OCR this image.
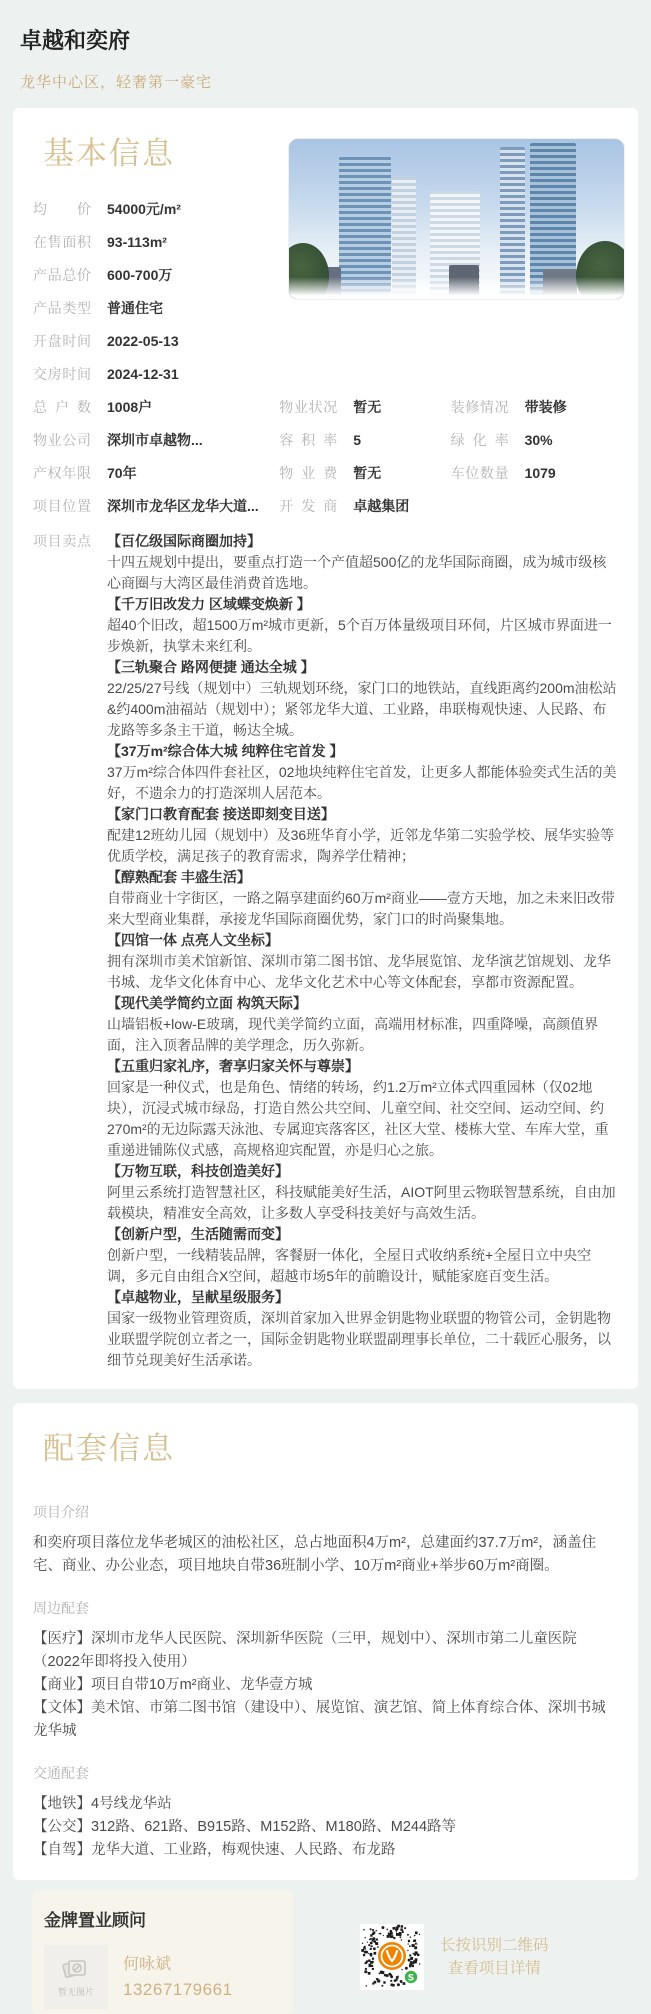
卓越和奕府
龙华中心区，轻奢第一豪宅
基本信息
均价 54000元/m²
在售面积 93-113m²
产品总价 600-700万
产品类型 普通住宅
开盘时间 2022-05-13
交房时间 2024-12-31
总户数 1008户
物业公司 深圳市卓越物...
产权年限 70年
项目位置 深圳市龙华区龙华大道...
物业状况 暂无
容积率 5
物业费 暂无
开发商 卓越集团
装修情况 带装修
绿化率 30%
车位数量 1079
项目卖点 【百亿级国际商圈加持】
十四五规划中提出，要重点打造一个产值超500亿的龙华国际商圈，成为城市级核心商圈与大湾区最佳消费首选地。
【千万旧改发力 区域蝶变焕新 】
超40个旧改，超1500万m²城市更新，5个百万体量级项目环伺，片区城市界面进一步焕新，执掌未来红利。
【三轨聚合 路网便捷 通达全城 】
22/25/27号线（规划中）三轨规划环绕，家门口的地铁站，直线距离约200m油松站&约400m油福站（规划中）；紧邻龙华大道、工业路，串联梅观快速、人民路、布龙路等多条主干道，畅达全城。
【37万m²综合体大城 纯粹住宅首发 】
37万m²综合体四件套社区，02地块纯粹住宅首发，让更多人都能体验奕式生活的美好，不遗余力的打造深圳人居范本。
【家门口教育配套 接送即刻变目送】
配建12班幼儿园（规划中）及36班华育小学，近邻龙华第二实验学校、展华实验等优质学校，满足孩子的教育需求，陶养学仕精神；
【醇熟配套 丰盛生活】
自带商业十字街区，一路之隔享建面约60万m²商业——壹方天地，加之未来旧改带来大型商业集群，承接龙华国际商圈优势，家门口的时尚聚集地。
【四馆一体 点亮人文坐标】
拥有深圳市美术馆新馆、深圳市第二图书馆、龙华展览馆、龙华演艺馆规划、龙华书城、龙华文化体育中心、龙华文化艺术中心等文体配套，享都市资源配置。
【现代美学简约立面 构筑天际】
山墙铝板+low-E玻璃，现代美学简约立面，高端用材标准，四重降噪，高颜值界面，注入顶奢品牌的美学理念，历久弥新。
【五重归家礼序，奢享归家关怀与尊崇】
回家是一种仪式，也是角色、情绪的转场，约1.2万m²立体式四重园林（仅02地块），沉浸式城市绿岛，打造自然公共空间、儿童空间、社交空间、运动空间、约270m²的无边际露天泳池、专属迎宾落客区，社区大堂、楼栋大堂、车库大堂，重重递进铺陈仪式感，高规格迎宾配置，亦是归心之旅。
【万物互联，科技创造美好】
阿里云系统打造智慧社区，科技赋能美好生活，AIOT阿里云物联智慧系统，自由加载模块，精准安全高效，让多数人享受科技美好与高效生活。
【创新户型，生活随需而变】
创新户型，一线精装品牌，客餐厨一体化，全屋日式收纳系统+全屋日立中央空调，多元自由组合X空间，超越市场5年的前瞻设计，赋能家庭百变生活。
【卓越物业，呈献星级服务】
国家一级物业管理资质，深圳首家加入世界金钥匙物业联盟的物管公司，金钥匙物业联盟学院创立者之一，国际金钥匙物业联盟副理事长单位，二十载匠心服务，以细节兑现美好生活承诺。
配套信息
项目介绍
和奕府项目落位龙华老城区的油松社区，总占地面积4万m²，总建面约37.7万m²，涵盖住宅、商业、办公业态，项目地块自带36班制小学、10万m²商业+举步60万m²商圈。
周边配套
【医疗】深圳市龙华人民医院、深圳新华医院（三甲，规划中）、深圳市第二儿童医院（2022年即将投入使用）
【商业】项目自带10万m²商业、龙华壹方城
【文体】美术馆、市第二图书馆（建设中）、展览馆、演艺馆、简上体育综合体、深圳书城龙华城
交通配套
【地铁】4号线龙华站
【公交】312路、621路、B915路、M152路、M180路、M244路等
【自驾】龙华大道、工业路，梅观快速、人民路、布龙路
金牌置业顾问
暂无图片
何咏斌
13267179661
S
长按识别二维码
查看项目详情
